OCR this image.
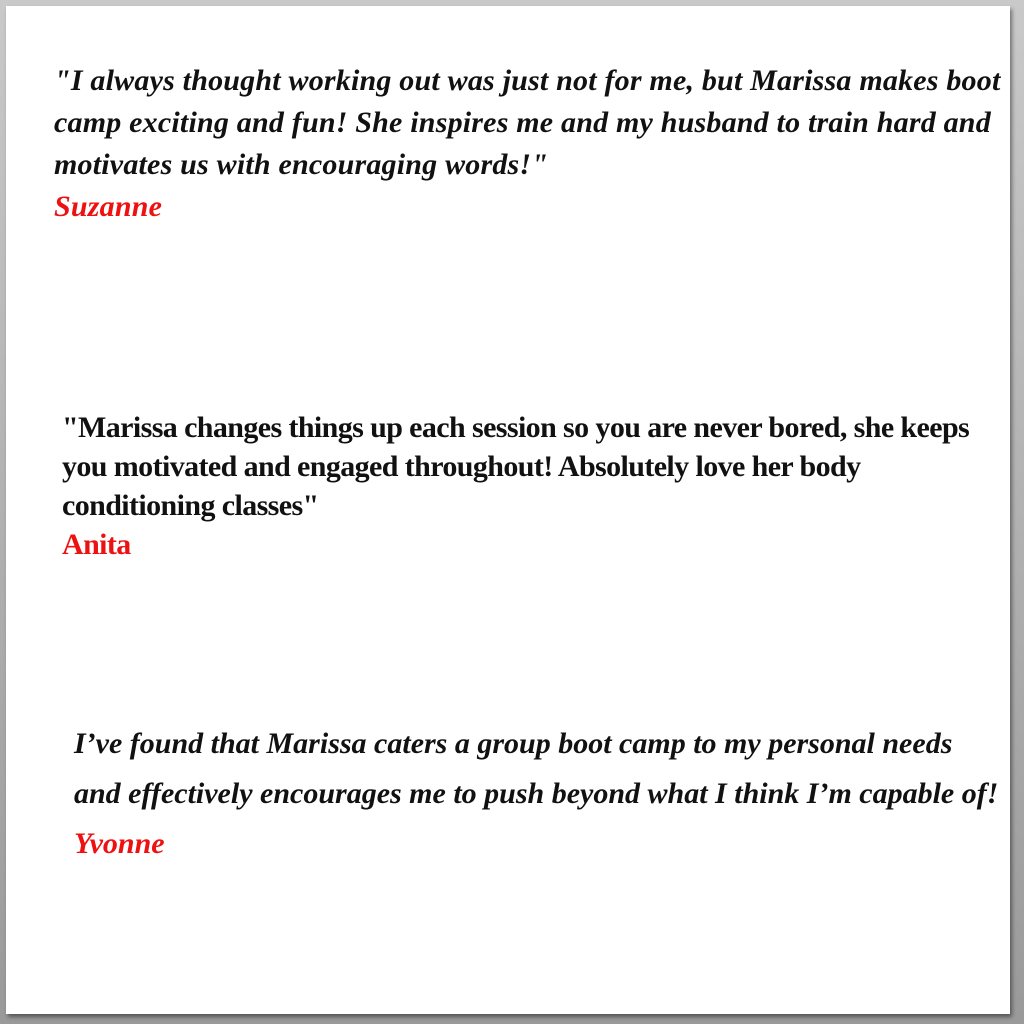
"I always thought working out was just not for me, but Marissa makes boot camp exciting and fun! She inspires me and my husband to train hard and motivates us with encouraging words!"
Suzanne
"Marissa changes things up each session so you are never bored, she keeps you motivated and engaged throughout! Absolutely love her body conditioning classes"
Anita
I’ve found that Marissa caters a group boot camp to my personal needs and effectively encourages me to push beyond what I think I’m capable of!
Yvonne
